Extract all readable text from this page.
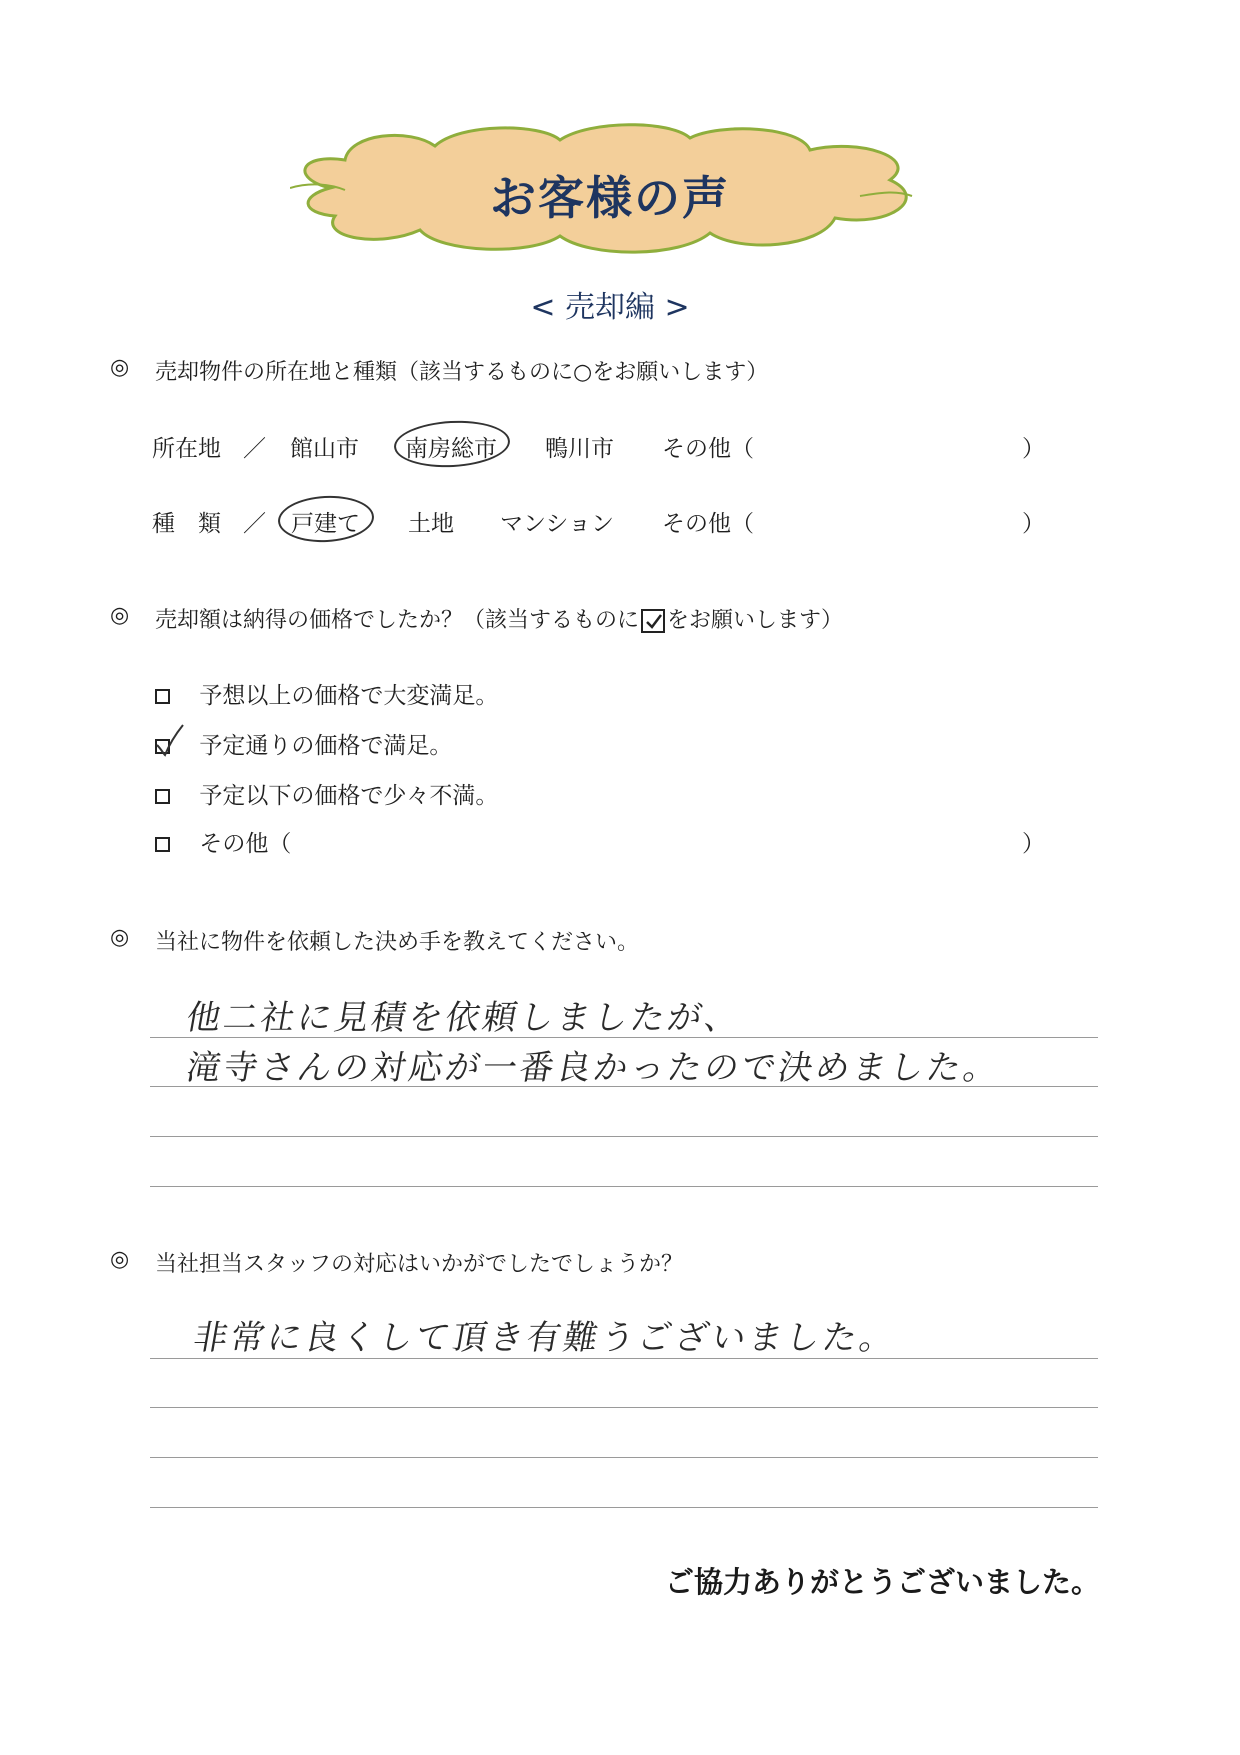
お客様の声
< 売却編 >
◎ 売却物件の所在地と種類（該当するものに○をお願いします）
所在地 ／ 館山市 南房総市 鴨川市 その他（	）
種　類 ／ 戸建て 土地 マンション その他（	）
◎ 売却額は納得の価格でしたか？（該当するものに をお願いします）
予想以上の価格で大変満足。
予定通りの価格で満足。
予定以下の価格で少々不満。
その他（	）
◎ 当社に物件を依頼した決め手を教えてください。
他二社に見積を依頼しましたが、
滝寺さんの対応が一番良かったので決めました。
◎ 当社担当スタッフの対応はいかがでしたでしょうか？
非常に良くして頂き有難うございました。
ご協力ありがとうございました。
